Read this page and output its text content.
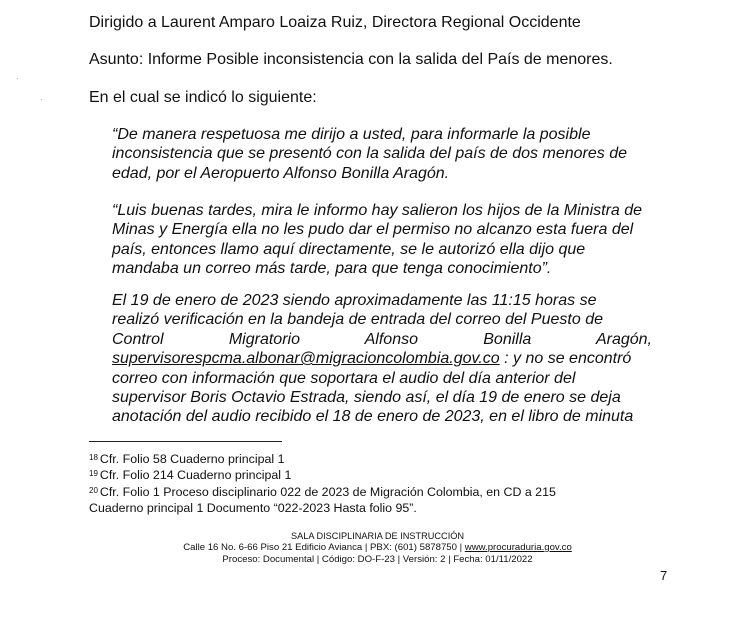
Dirigido a Laurent Amparo Loaiza Ruiz, Directora Regional Occidente

Asunto: Informe Posible inconsistencia con la salida del País de menores.

En el cual se indicó lo siguiente:

“De manera respetuosa me dirijo a usted, para informarle la posible
inconsistencia que se presentó con la salida del país de dos menores de
edad, por el Aeropuerto Alfonso Bonilla Aragón.
“Luis buenas tardes, mira le informo hay salieron los hijos de la Ministra de
Minas y Energía ella no les pudo dar el permiso no alcanzo esta fuera del
país, entonces llamo aquí directamente, se le autorizó ella dijo que
mandaba un correo más tarde, para que tenga conocimiento”.
El 19 de enero de 2023 siendo aproximadamente las 11:15 horas se
realizó verificación en la bandeja de entrada del correo del Puesto de
Control Migratorio Alfonso Bonilla Aragón,
supervisorespcma.albonar@migracioncolombia.gov.co : y no se encontró
correo con información que soportara el audio del día anterior del
supervisor Boris Octavio Estrada, siendo así, el día 19 de enero se deja
anotación del audio recibido el 18 de enero de 2023, en el libro de minuta

$^{18}$ Cfr. Folio 58 Cuaderno principal 1

$^{19}$ Cfr. Folio 214 Cuaderno principal 1

$^{20}$ Cfr. Folio 1 Proceso disciplinario 022 de 2023 de Migración Colombia, en CD a 215

Cuaderno principal 1 Documento “022-2023 Hasta folio 95”.

SALA DISCIPLINARIA DE INSTRUCCIÓN

Calle 16 No. 6-66 Piso 21 Edificio Avianca | PBX: (601) 5878750 | www.procuraduria.gov.co

Proceso: Documental | Código: DO-F-23 | Versión: 2 | Fecha: 01/11/2022

7
·
·
